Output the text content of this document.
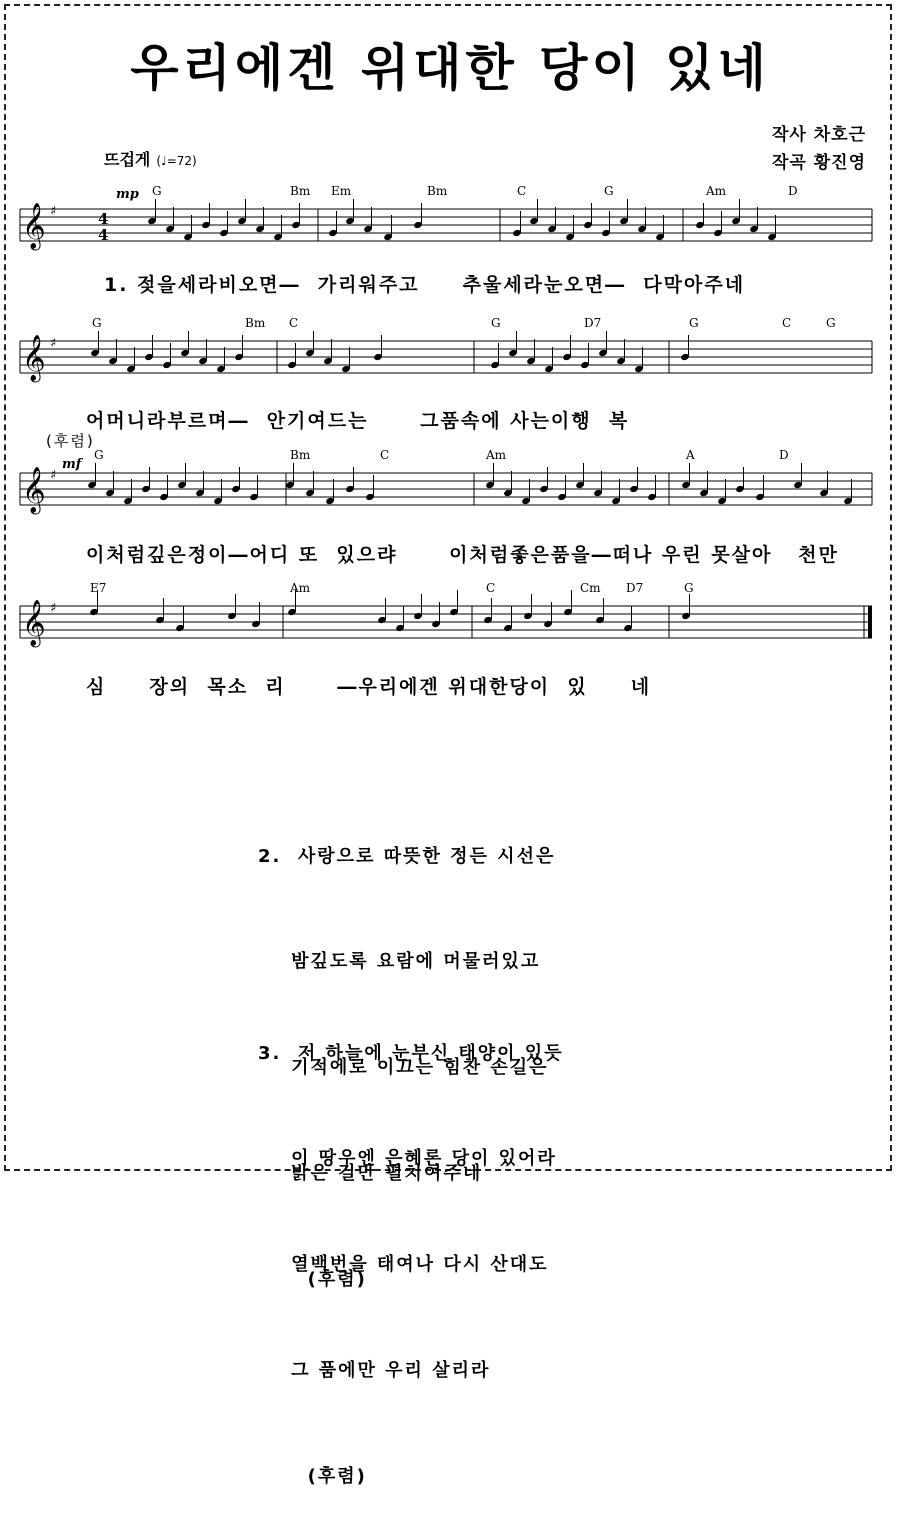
우리에겐 위대한 당이 있네
작사 차호근
작곡 황진영
뜨겁게 (♩=72)
mp
mf
𝄞 ♯	4
4
𝄞 ♯
𝄞 ♯
𝄞 ♯
G	Bm Em	Bm	C	G	Am	D
G	Bm C	G	D7	G	C	G
G	Bm	C	Am	A	D
E7	Am	C	Cm D7	G
1. 젖을세라비오면―  가리워주고     추울세라눈오면―  다막아주네
어머니라부르며―  안기여드는      그품속에 사는이행  복
(후렴)
이처럼깊은정이―어디 또  있으랴      이처럼좋은품을―떠나 우린 못살아   천만
심     장의  목소  리      ―우리에겐 위대한당이  있     네

2.  사랑으로 따뜻한 정든 시선은

밤깊도록 요람에 머물러있고

기적에로 이끄는 힘찬 손길은

밝은 길만 펼치여주네

(후렴)

3.  저 하늘에 눈부신 태양이 있듯

이 땅우엔 은혜론 당이 있어라

열백번을 태여나 다시 산대도

그 품에만 우리 살리라

(후렴)
